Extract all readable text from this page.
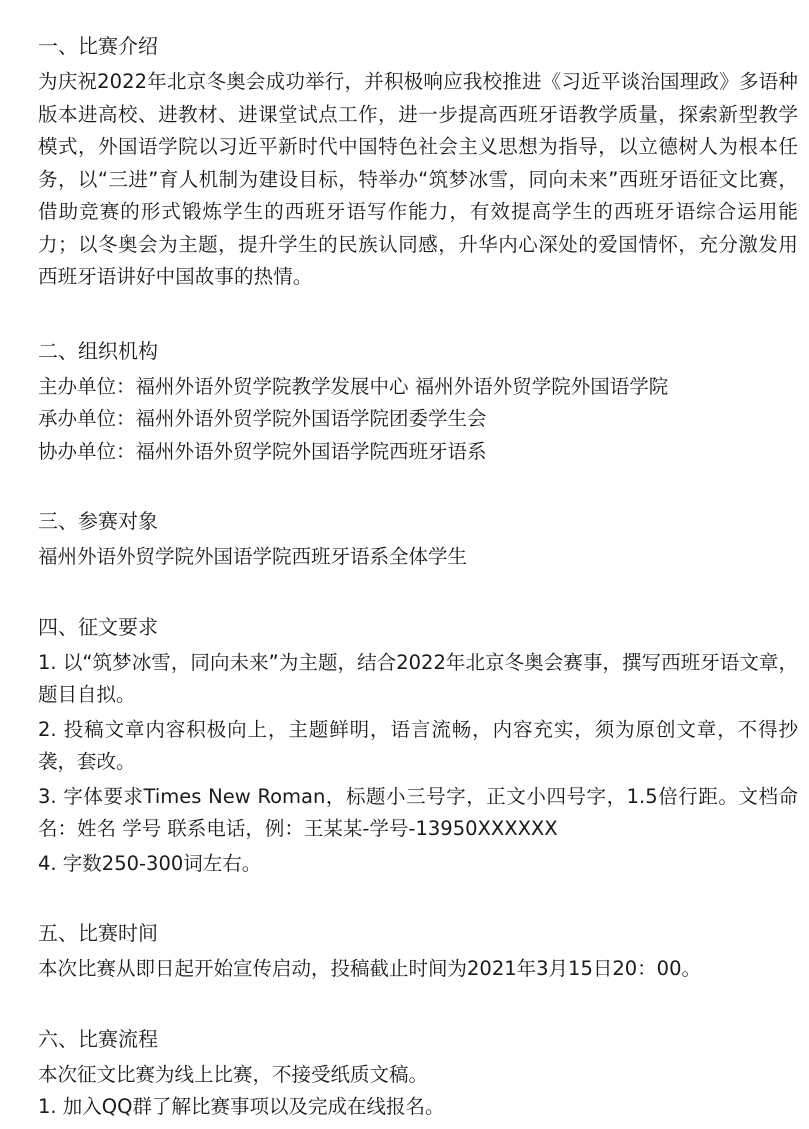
一、比赛介绍

为庆祝2022年北京冬奥会成功举行，并积极响应我校推进《习近平谈治国理政》多语种版本进高校、进教材、进课堂试点工作，进一步提高西班牙语教学质量，探索新型教学模式，外国语学院以习近平新时代中国特色社会主义思想为指导，以立德树人为根本任务，以“三进”育人机制为建设目标，特举办“筑梦冰雪，同向未来”西班牙语征文比赛，借助竞赛的形式锻炼学生的西班牙语写作能力，有效提高学生的西班牙语综合运用能力；以冬奥会为主题，提升学生的民族认同感，升华内心深处的爱国情怀，充分激发用西班牙语讲好中国故事的热情。

二、组织机构

主办单位：福州外语外贸学院教学发展中心 福州外语外贸学院外国语学院

承办单位：福州外语外贸学院外国语学院团委学生会

协办单位：福州外语外贸学院外国语学院西班牙语系

三、参赛对象

福州外语外贸学院外国语学院西班牙语系全体学生

四、征文要求

1. 以“筑梦冰雪，同向未来”为主题，结合2022年北京冬奥会赛事，撰写西班牙语文章，题目自拟。

2. 投稿文章内容积极向上，主题鲜明，语言流畅，内容充实，须为原创文章，不得抄袭，套改。

3. 字体要求Times New Roman，标题小三号字，正文小四号字，1.5倍行距。文档命名：姓名 学号 联系电话，例：王某某-学号-13950XXXXXX

4. 字数250-300词左右。

五、比赛时间

本次比赛从即日起开始宣传启动，投稿截止时间为2021年3月15日20：00。

六、比赛流程

本次征文比赛为线上比赛，不接受纸质文稿。

1. 加入QQ群了解比赛事项以及完成在线报名。
